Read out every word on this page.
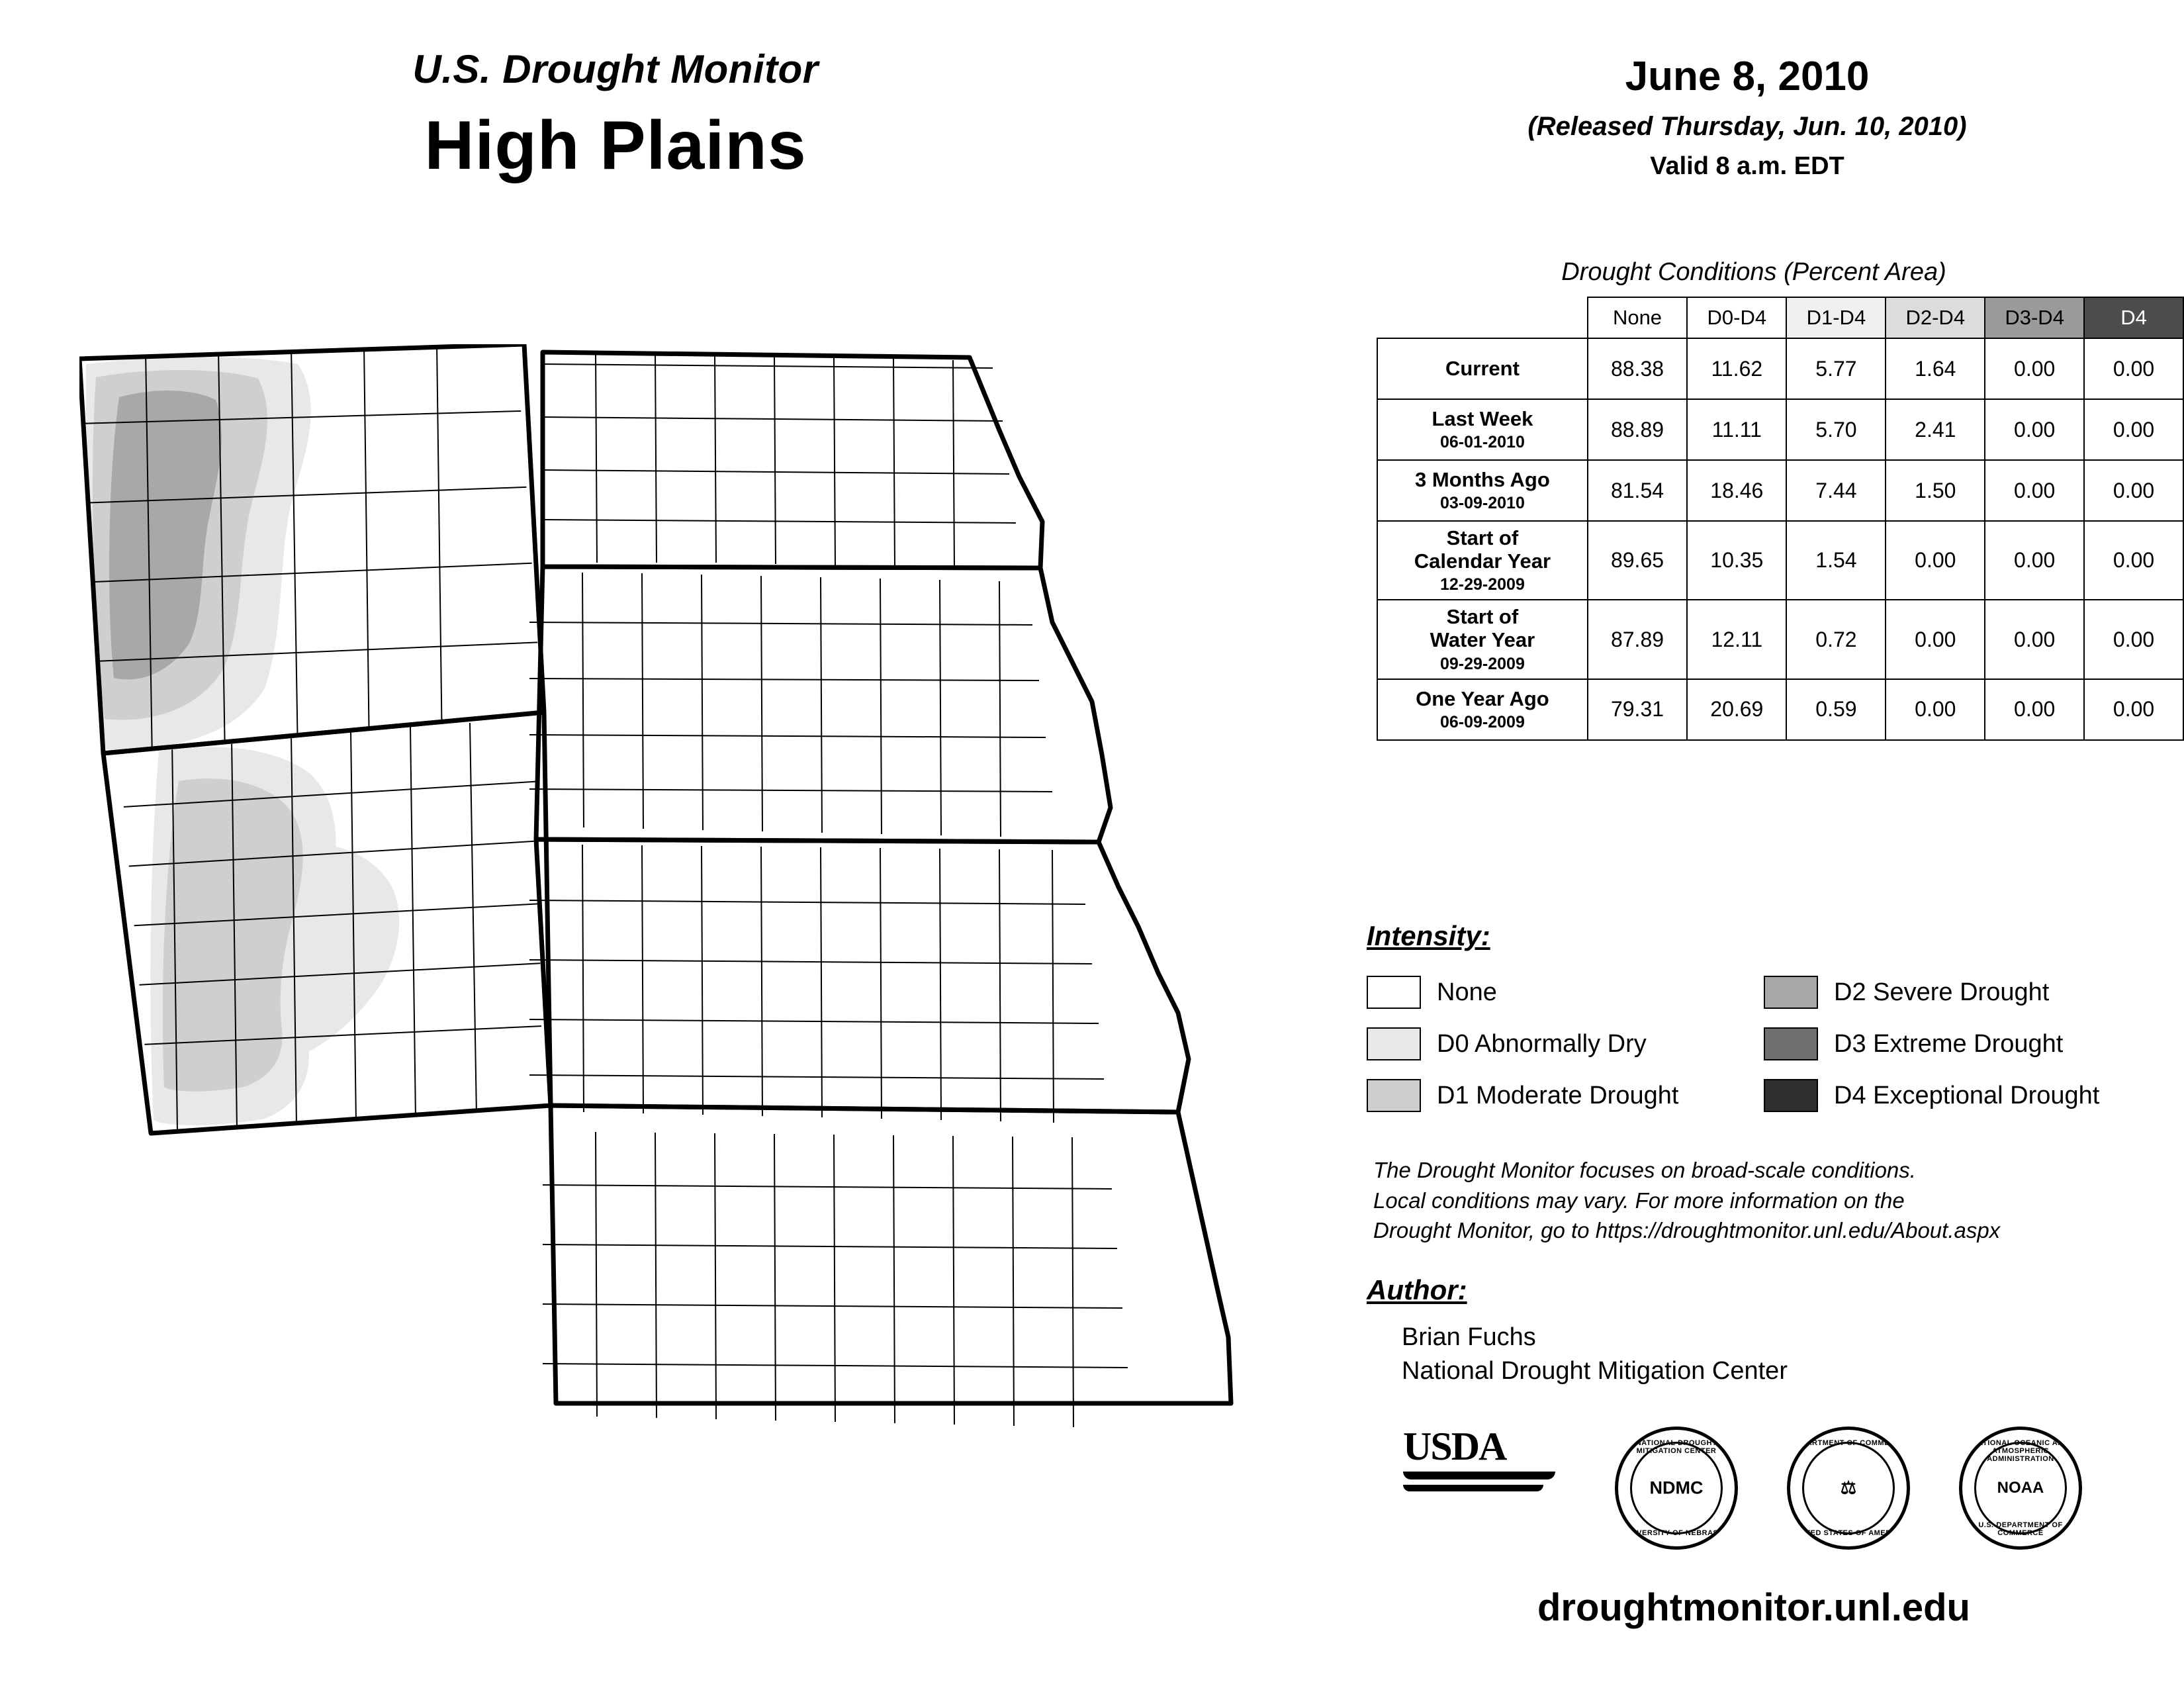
U.S. Drought Monitor
High Plains
June 8, 2010
(Released Thursday, Jun. 10, 2010)
Valid 8 a.m. EDT
Drought Conditions (Percent Area)
	None	D0-D4	D1-D4	D2-D4	D3-D4	D4

Current	88.38	11.62	5.77	1.64	0.00	0.00

Last Week
06-01-2010	88.89	11.11	5.70	2.41	0.00	0.00

3 Months Ago
03-09-2010	81.54	18.46	7.44	1.50	0.00	0.00

Start of
Calendar Year
12-29-2009	89.65	10.35	1.54	0.00	0.00	0.00

Start of
Water Year
09-29-2009	87.89	12.11	0.72	0.00	0.00	0.00

One Year Ago
06-09-2009	79.31	20.69	0.59	0.00	0.00	0.00
Intensity:
None
D0 Abnormally Dry
D1 Moderate Drought
D2 Severe Drought
D3 Extreme Drought
D4 Exceptional Drought
The Drought Monitor focuses on broad-scale conditions.
Local conditions may vary. For more information on the
Drought Monitor, go to https://droughtmonitor.unl.edu/About.aspx
Author:
Brian Fuchs
National Drought Mitigation Center
USDA	NATIONAL DROUGHT MITIGATION CENTER
NDMC
UNIVERSITY OF NEBRASKA
DEPARTMENT OF COMMERCE
⚖
UNITED STATES OF AMERICA
NATIONAL OCEANIC AND ATMOSPHERIC ADMINISTRATION
NOAA
U.S. DEPARTMENT OF COMMERCE
droughtmonitor.unl.edu
